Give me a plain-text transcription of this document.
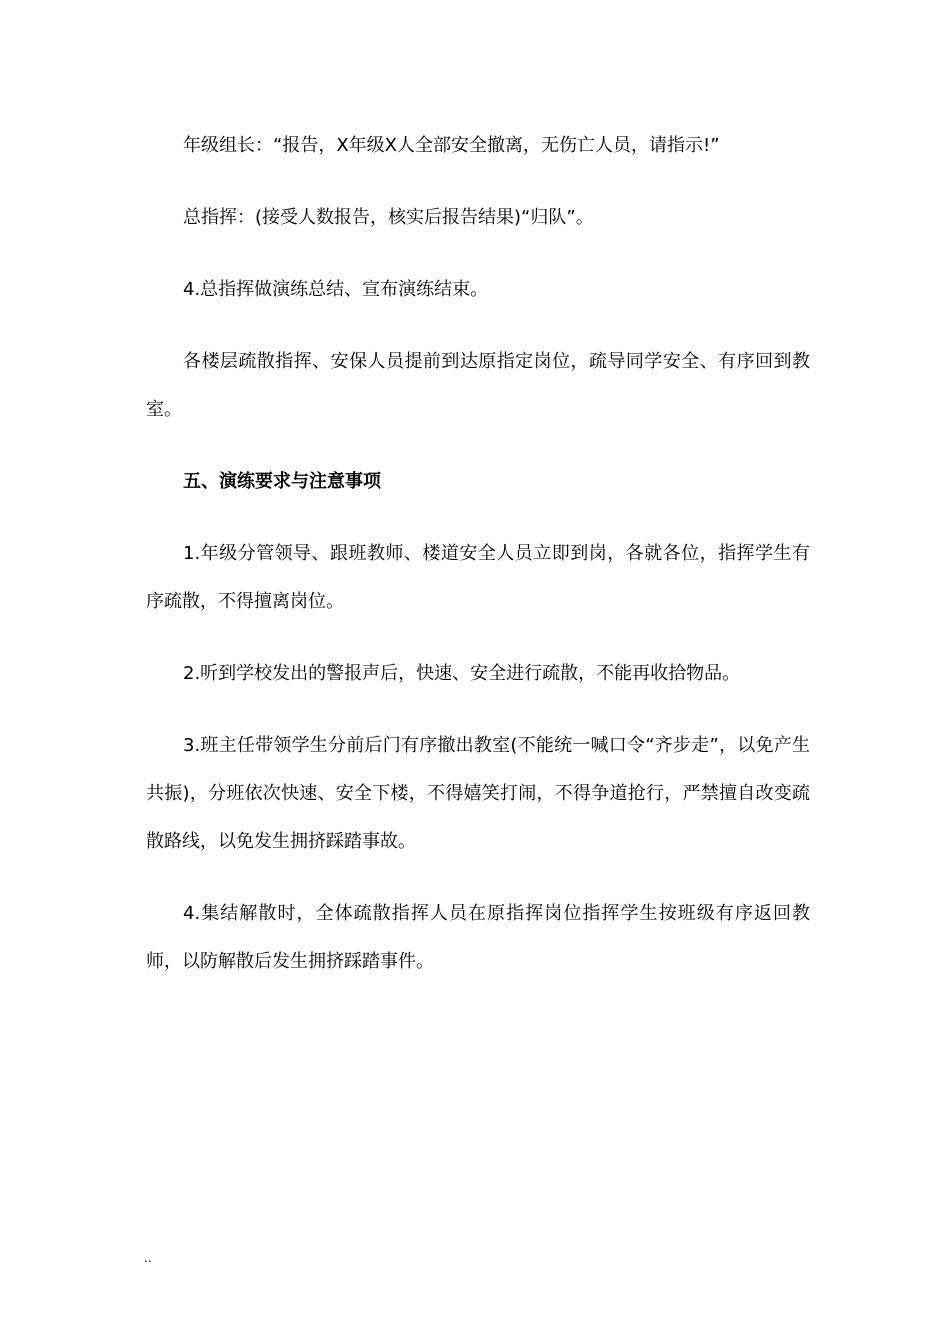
年级组长：“报告，X年级X人全部安全撤离，无伤亡人员，请指示!”

总指挥：(接受人数报告，核实后报告结果)“归队”。

4.总指挥做演练总结、宣布演练结束。

各楼层疏散指挥、安保人员提前到达原指定岗位，疏导同学安全、有序回到教室。

五、演练要求与注意事项

1.年级分管领导、跟班教师、楼道安全人员立即到岗，各就各位，指挥学生有序疏散，不得擅离岗位。

2.听到学校发出的警报声后，快速、安全进行疏散，不能再收拾物品。

3.班主任带领学生分前后门有序撤出教室(不能统一喊口令“齐步走”，以免产生共振)，分班依次快速、安全下楼，不得嬉笑打闹，不得争道抢行，严禁擅自改变疏散路线，以免发生拥挤踩踏事故。

4.集结解散时，全体疏散指挥人员在原指挥岗位指挥学生按班级有序返回教师，以防解散后发生拥挤踩踏事件。

..
